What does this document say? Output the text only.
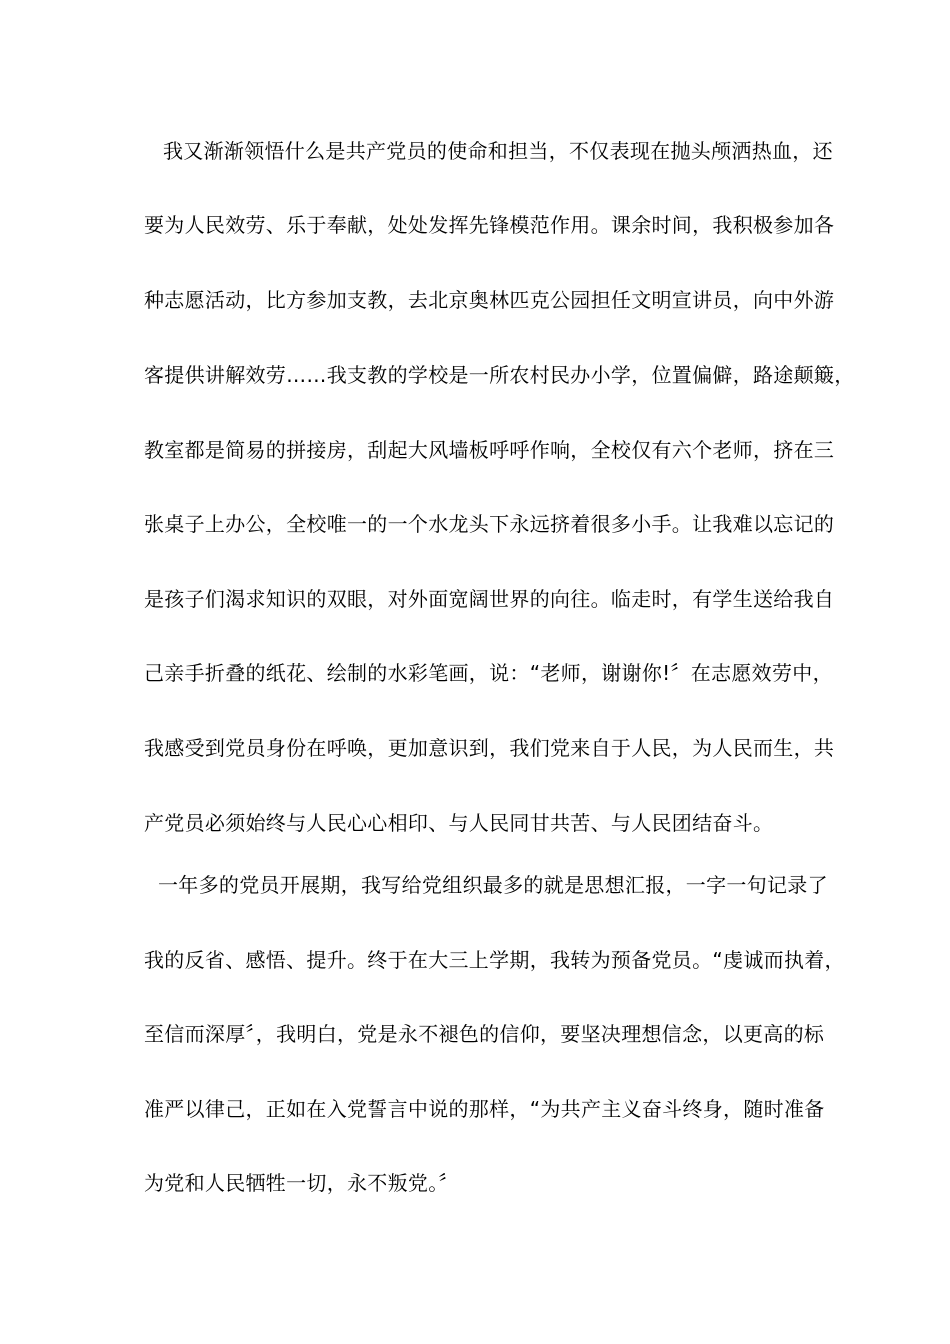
我又渐渐领悟什么是共产党员的使命和担当，不仅表现在抛头颅洒热血，还
要为人民效劳、乐于奉献，处处发挥先锋模范作用。课余时间，我积极参加各
种志愿活动，比方参加支教，去北京奥林匹克公园担任文明宣讲员，向中外游
客提供讲解效劳……我支教的学校是一所农村民办小学，位置偏僻，路途颠簸，
教室都是简易的拼接房，刮起大风墙板呼呼作响，全校仅有六个老师，挤在三
张桌子上办公，全校唯一的一个水龙头下永远挤着很多小手。让我难以忘记的
是孩子们渴求知识的双眼，对外面宽阔世界的向往。临走时，有学生送给我自
己亲手折叠的纸花、绘制的水彩笔画，说：“老师，谢谢你!〞在志愿效劳中，
我感受到党员身份在呼唤，更加意识到，我们党来自于人民，为人民而生，共
产党员必须始终与人民心心相印、与人民同甘共苦、与人民团结奋斗。
一年多的党员开展期，我写给党组织最多的就是思想汇报，一字一句记录了
我的反省、感悟、提升。终于在大三上学期，我转为预备党员。“虔诚而执着，
至信而深厚〞，我明白，党是永不褪色的信仰，要坚决理想信念，以更高的标
准严以律己，正如在入党誓言中说的那样，“为共产主义奋斗终身，随时准备
为党和人民牺牲一切，永不叛党。〞
